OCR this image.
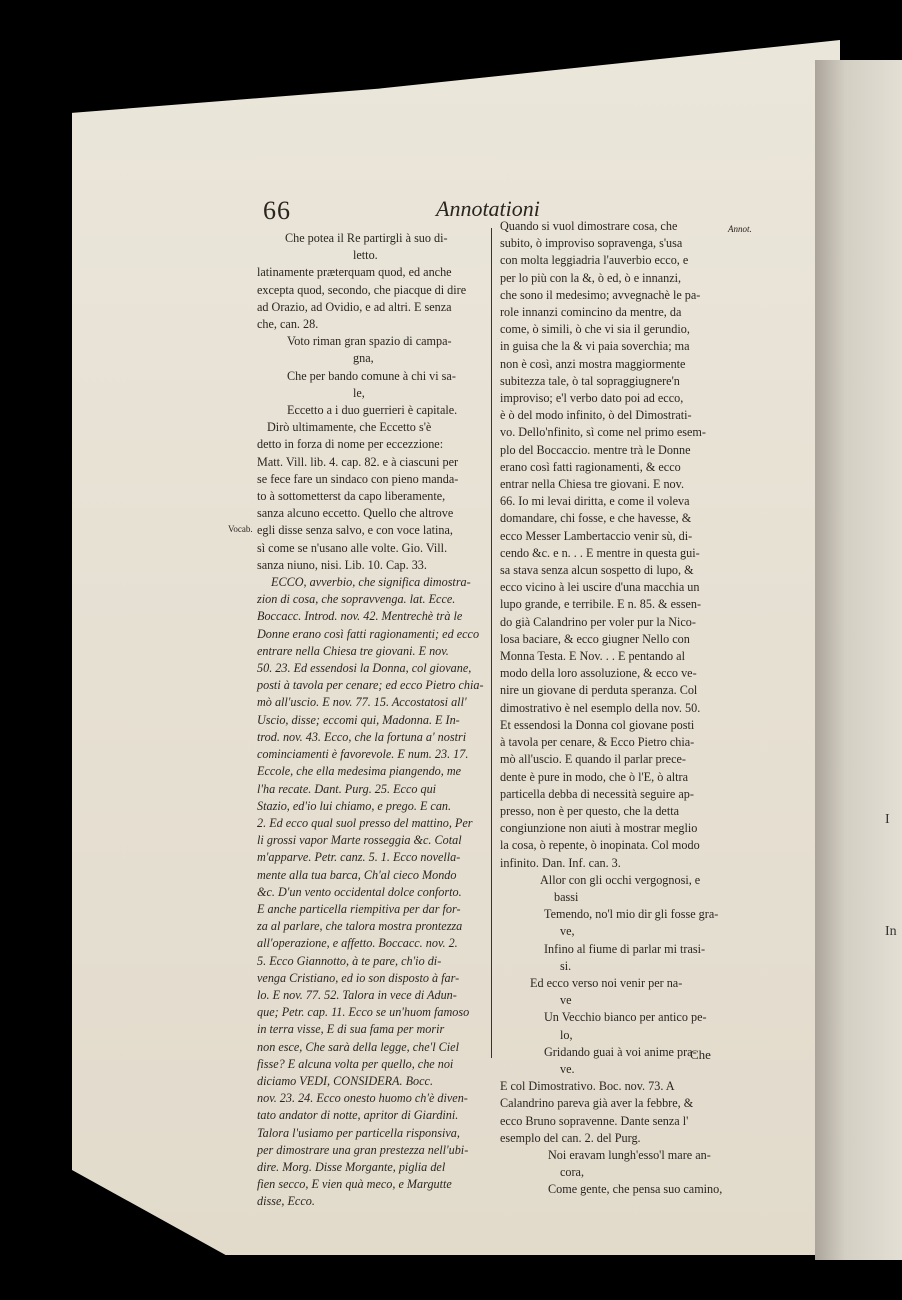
I
In
66	Annotationi
Vocab.
Annot.
Che potea il Re partirgli à suo di-
letto.
latinamente præterquam quod, ed anche
excepta quod, secondo, che piacque di dire
ad Orazio, ad Ovidio, e ad altri. E senza
che, can. 28.
Voto riman gran spazio di campa-
gna,
Che per bando comune à chi vi sa-
le,
Eccetto a i duo guerrieri è capitale.
Dirò ultimamente, che Eccetto s'è
detto in forza di nome per eccezzione:
Matt. Vill. lib. 4. cap. 82. e à ciascuni per
se fece fare un sindaco con pieno manda-
to à sottometterst da capo liberamente,
sanza alcuno eccetto. Quello che altrove
egli disse senza salvo, e con voce latina,
sì come se n'usano alle volte. Gio. Vill.
sanza niuno, nisi. Lib. 10. Cap. 33.
ECCO, avverbio, che significa dimostra-
zion di cosa, che sopravvenga. lat. Ecce.
Boccacc. Introd. nov. 42. Mentrechè trà le
Donne erano così fatti ragionamenti; ed ecco
entrare nella Chiesa tre giovani. E nov.
50. 23. Ed essendosi la Donna, col giovane,
posti à tavola per cenare; ed ecco Pietro chia-
mò all'uscio. E nov. 77. 15. Accostatosi all'
Uscio, disse; eccomi qui, Madonna. E In-
trod. nov. 43. Ecco, che la fortuna a' nostri
cominciamenti è favorevole. E num. 23. 17.
Eccole, che ella medesima piangendo, me
l'ha recate. Dant. Purg. 25. Ecco qui
Stazio, ed'io lui chiamo, e prego. E can.
2. Ed ecco qual suol presso del mattino, Per
li grossi vapor Marte rosseggia &c. Cotal
m'apparve. Petr. canz. 5. 1. Ecco novella-
mente alla tua barca, Ch'al cieco Mondo
&c. D'un vento occidental dolce conforto.
E anche particella riempitiva per dar for-
za al parlare, che talora mostra prontezza
all'operazione, e affetto. Boccacc. nov. 2.
5. Ecco Giannotto, à te pare, ch'io di-
venga Cristiano, ed io son disposto à far-
lo. E nov. 77. 52. Talora in vece di Adun-
que; Petr. cap. 11. Ecco se un'huom famoso
in terra visse, E di sua fama per morir
non esce, Che sarà della legge, che'l Ciel
fisse? E alcuna volta per quello, che noi
diciamo VEDI, CONSIDERA. Bocc.
nov. 23. 24. Ecco onesto huomo ch'è diven-
tato andator di notte, apritor di Giardini.
Talora l'usiamo per particella risponsiva,
per dimostrare una gran prestezza nell'ubi-
dire. Morg. Disse Morgante, piglia del
fien secco, E vien quà meco, e Margutte
disse, Ecco.
Quando si vuol dimostrare cosa, che
subito, ò improviso sopravenga, s'usa
con molta leggiadria l'auverbio ecco, e
per lo più con la &, ò ed, ò e innanzi,
che sono il medesimo; avvegnachè le pa-
role innanzi comincino da mentre, da
come, ò simili, ò che vi sia il gerundio,
in guisa che la & vi paia soverchia; ma
non è così, anzi mostra maggiormente
subitezza tale, ò tal sopraggiugnere'n
improviso; e'l verbo dato poi ad ecco,
è ò del modo infinito, ò del Dimostrati-
vo. Dello'nfinito, sì come nel primo esem-
plo del Boccaccio. mentre trà le Donne
erano così fatti ragionamenti, & ecco
entrar nella Chiesa tre giovani. E nov.
66. Io mi levai diritta, e come il voleva
domandare, chi fosse, e che havesse, &
ecco Messer Lambertaccio venir sù, di-
cendo &c. e n. . . E mentre in questa gui-
sa stava senza alcun sospetto di lupo, &
ecco vicino à lei uscire d'una macchia un
lupo grande, e terribile. E n. 85. & essen-
do già Calandrino per voler pur la Nico-
losa baciare, & ecco giugner Nello con
Monna Testa. E Nov. . . E pentando al
modo della loro assoluzione, & ecco ve-
nire un giovane di perduta speranza. Col
dimostrativo è nel esemplo della nov. 50.
Et essendosi la Donna col giovane posti
à tavola per cenare, & Ecco Pietro chia-
mò all'uscio. E quando il parlar prece-
dente è pure in modo, che ò l'E, ò altra
particella debba di necessità seguire ap-
presso, non è per questo, che la detta
congiunzione non aiuti à mostrar meglio
la cosa, ò repente, ò inopinata. Col modo
infinito. Dan. Inf. can. 3.
Allor con gli occhi vergognosi, e
bassi
Temendo, no'l mio dir gli fosse gra-
ve,
Infino al fiume di parlar mi trasi-
si.
Ed ecco verso noi venir per na-
ve
Un Vecchio bianco per antico pe-
lo,
Gridando guai à voi anime pra-
ve.
E col Dimostrativo. Boc. nov. 73. A
Calandrino pareva già aver la febbre, &
ecco Bruno sopravenne. Dante senza l'
esemplo del can. 2. del Purg.
Noi eravam lungh'esso'l mare an-
cora,
Come gente, che pensa suo camino,
Che
